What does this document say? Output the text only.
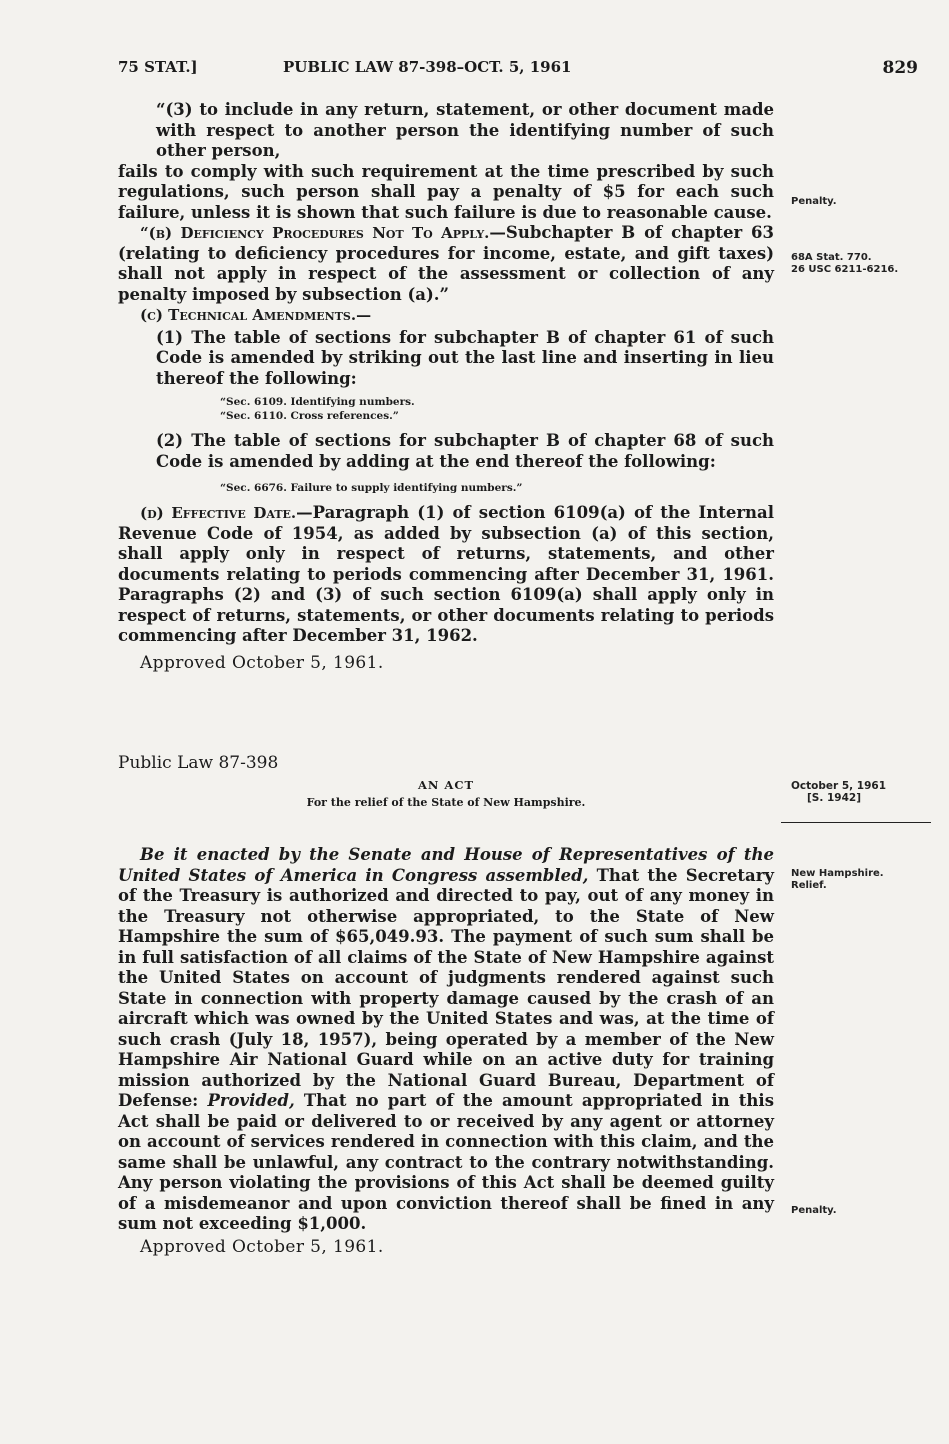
75 STAT.]	PUBLIC LAW 87-398–OCT. 5, 1961	829
“(3) to include in any return, statement, or other document made with respect to another person the identifying number of such other person,
fails to comply with such requirement at the time prescribed by such regulations, such person shall pay a penalty of $5 for each such failure, unless it is shown that such failure is due to reasonable cause.
“(b) Deficiency Procedures Not To Apply.—Subchapter B of chapter 63 (relating to deficiency procedures for income, estate, and gift taxes) shall not apply in respect of the assessment or collection of any penalty imposed by subsection (a).”
(c) Technical Amendments.—
(1) The table of sections for subchapter B of chapter 61 of such Code is amended by striking out the last line and inserting in lieu thereof the following:
“Sec. 6109. Identifying numbers.
“Sec. 6110. Cross references.”
(2) The table of sections for subchapter B of chapter 68 of such Code is amended by adding at the end thereof the following:
“Sec. 6676. Failure to supply identifying numbers.”
(d) Effective Date.—Paragraph (1) of section 6109(a) of the Internal Revenue Code of 1954, as added by subsection (a) of this section, shall apply only in respect of returns, statements, and other documents relating to periods commencing after December 31, 1961. Paragraphs (2) and (3) of such section 6109(a) shall apply only in respect of returns, statements, or other documents relating to periods commencing after December 31, 1962.
Approved October 5, 1961.
Public Law 87-398
AN ACT
For the relief of the State of New Hampshire.
Be it enacted by the Senate and House of Representatives of the United States of America in Congress assembled, That the Secretary of the Treasury is authorized and directed to pay, out of any money in the Treasury not otherwise appropriated, to the State of New Hampshire the sum of $65,049.93. The payment of such sum shall be in full satisfaction of all claims of the State of New Hampshire against the United States on account of judgments rendered against such State in connection with property damage caused by the crash of an aircraft which was owned by the United States and was, at the time of such crash (July 18, 1957), being operated by a member of the New Hampshire Air National Guard while on an active duty for training mission authorized by the National Guard Bureau, Department of Defense: Provided, That no part of the amount appropriated in this Act shall be paid or delivered to or received by any agent or attorney on account of services rendered in connection with this claim, and the same shall be unlawful, any contract to the contrary notwithstanding. Any person violating the provisions of this Act shall be deemed guilty of a misdemeanor and upon conviction thereof shall be fined in any sum not exceeding $1,000.
Approved October 5, 1961.
Penalty.
68A Stat. 770.
26 USC 6211-6216.
October 5, 1961
[S. 1942]
New Hampshire.
Relief.
Penalty.
